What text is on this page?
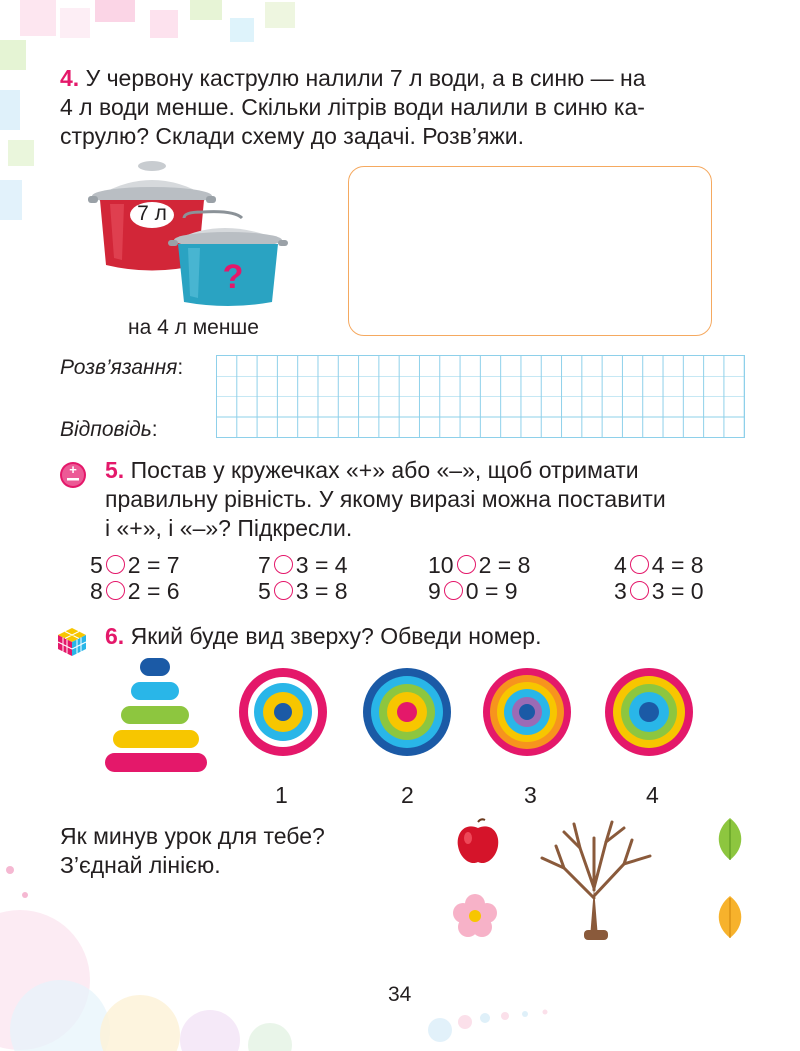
4. У червону каструлю налили 7 л води, а в синю — на
4 л води менше. Скільки літрів води налили в синю ка-
струлю? Склади схему до задачі. Розв’яжи.
7 л
?
на 4 л менше
Розв’язання:
Відповідь:
+ 5. Постав у кружечках «+» або «–», щоб отримати
правильну рівність. У якому виразі можна поставити
і «+», і «–»? Підкресли.
5 2 = 7	7 3 = 4	10 2 = 8	4 4 = 8
8 2 = 6	5 3 = 8	9 0 = 9	3 3 = 0
6. Який буде вид зверху? Обведи номер.
1	2	3	4
Як минув урок для тебе?
З’єднай лінією.
34
